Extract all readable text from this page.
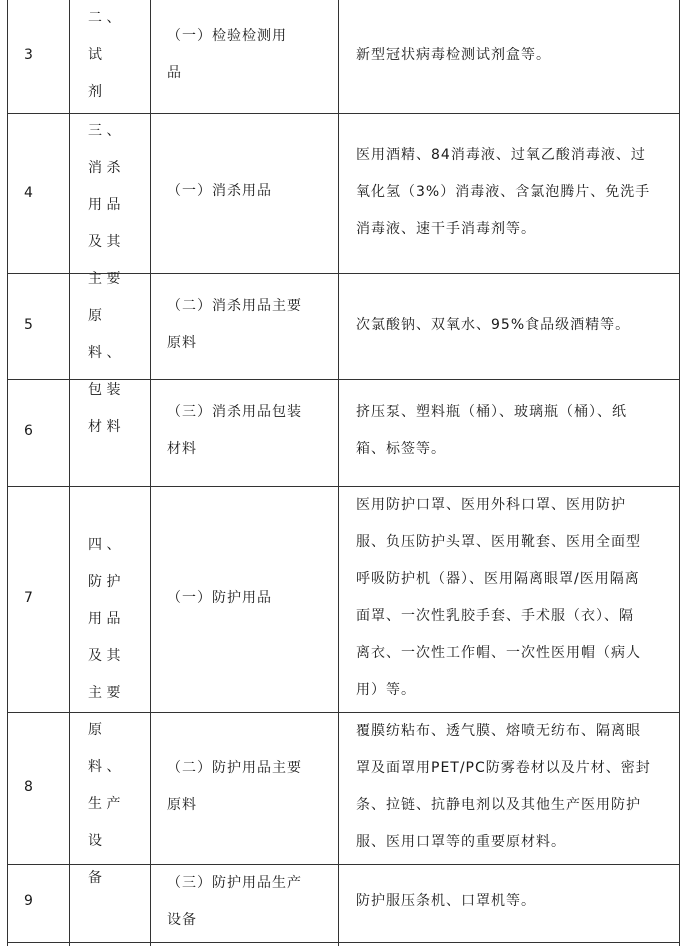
3
（一）检验检测用
品
新型冠状病毒检测试剂盒等。
二 、
试
剂
4	（一）消杀用品
医用酒精、84消毒液、过氧乙酸消毒液、过
氧化氢（3%）消毒液、含氯泡腾片、免洗手
消毒液、速干手消毒剂等。
三 、
消 杀
用 品
及 其
主 要
原
料 、
包 装
材 料
5
（二）消杀用品主要
原料
次氯酸钠、双氧水、95%食品级酒精等。
6
（三）消杀用品包装
材料
挤压泵、塑料瓶（桶）、玻璃瓶（桶）、纸
箱、标签等。
7	（一）防护用品
医用防护口罩、医用外科口罩、医用防护
服、负压防护头罩、医用靴套、医用全面型
呼吸防护机（器）、医用隔离眼罩/医用隔离
面罩、一次性乳胶手套、手术服（衣）、隔
离衣、一次性工作帽、一次性医用帽（病人
用）等。
四 、
防 护
用 品
及 其
主 要
原
料 、
生 产
设
备
8
（二）防护用品主要
原料
覆膜纺粘布、透气膜、熔喷无纺布、隔离眼
罩及面罩用PET/PC防雾卷材以及片材、密封
条、拉链、抗静电剂以及其他生产医用防护
服、医用口罩等的重要原材料。
9
（三）防护用品生产
设备
防护服压条机、口罩机等。
